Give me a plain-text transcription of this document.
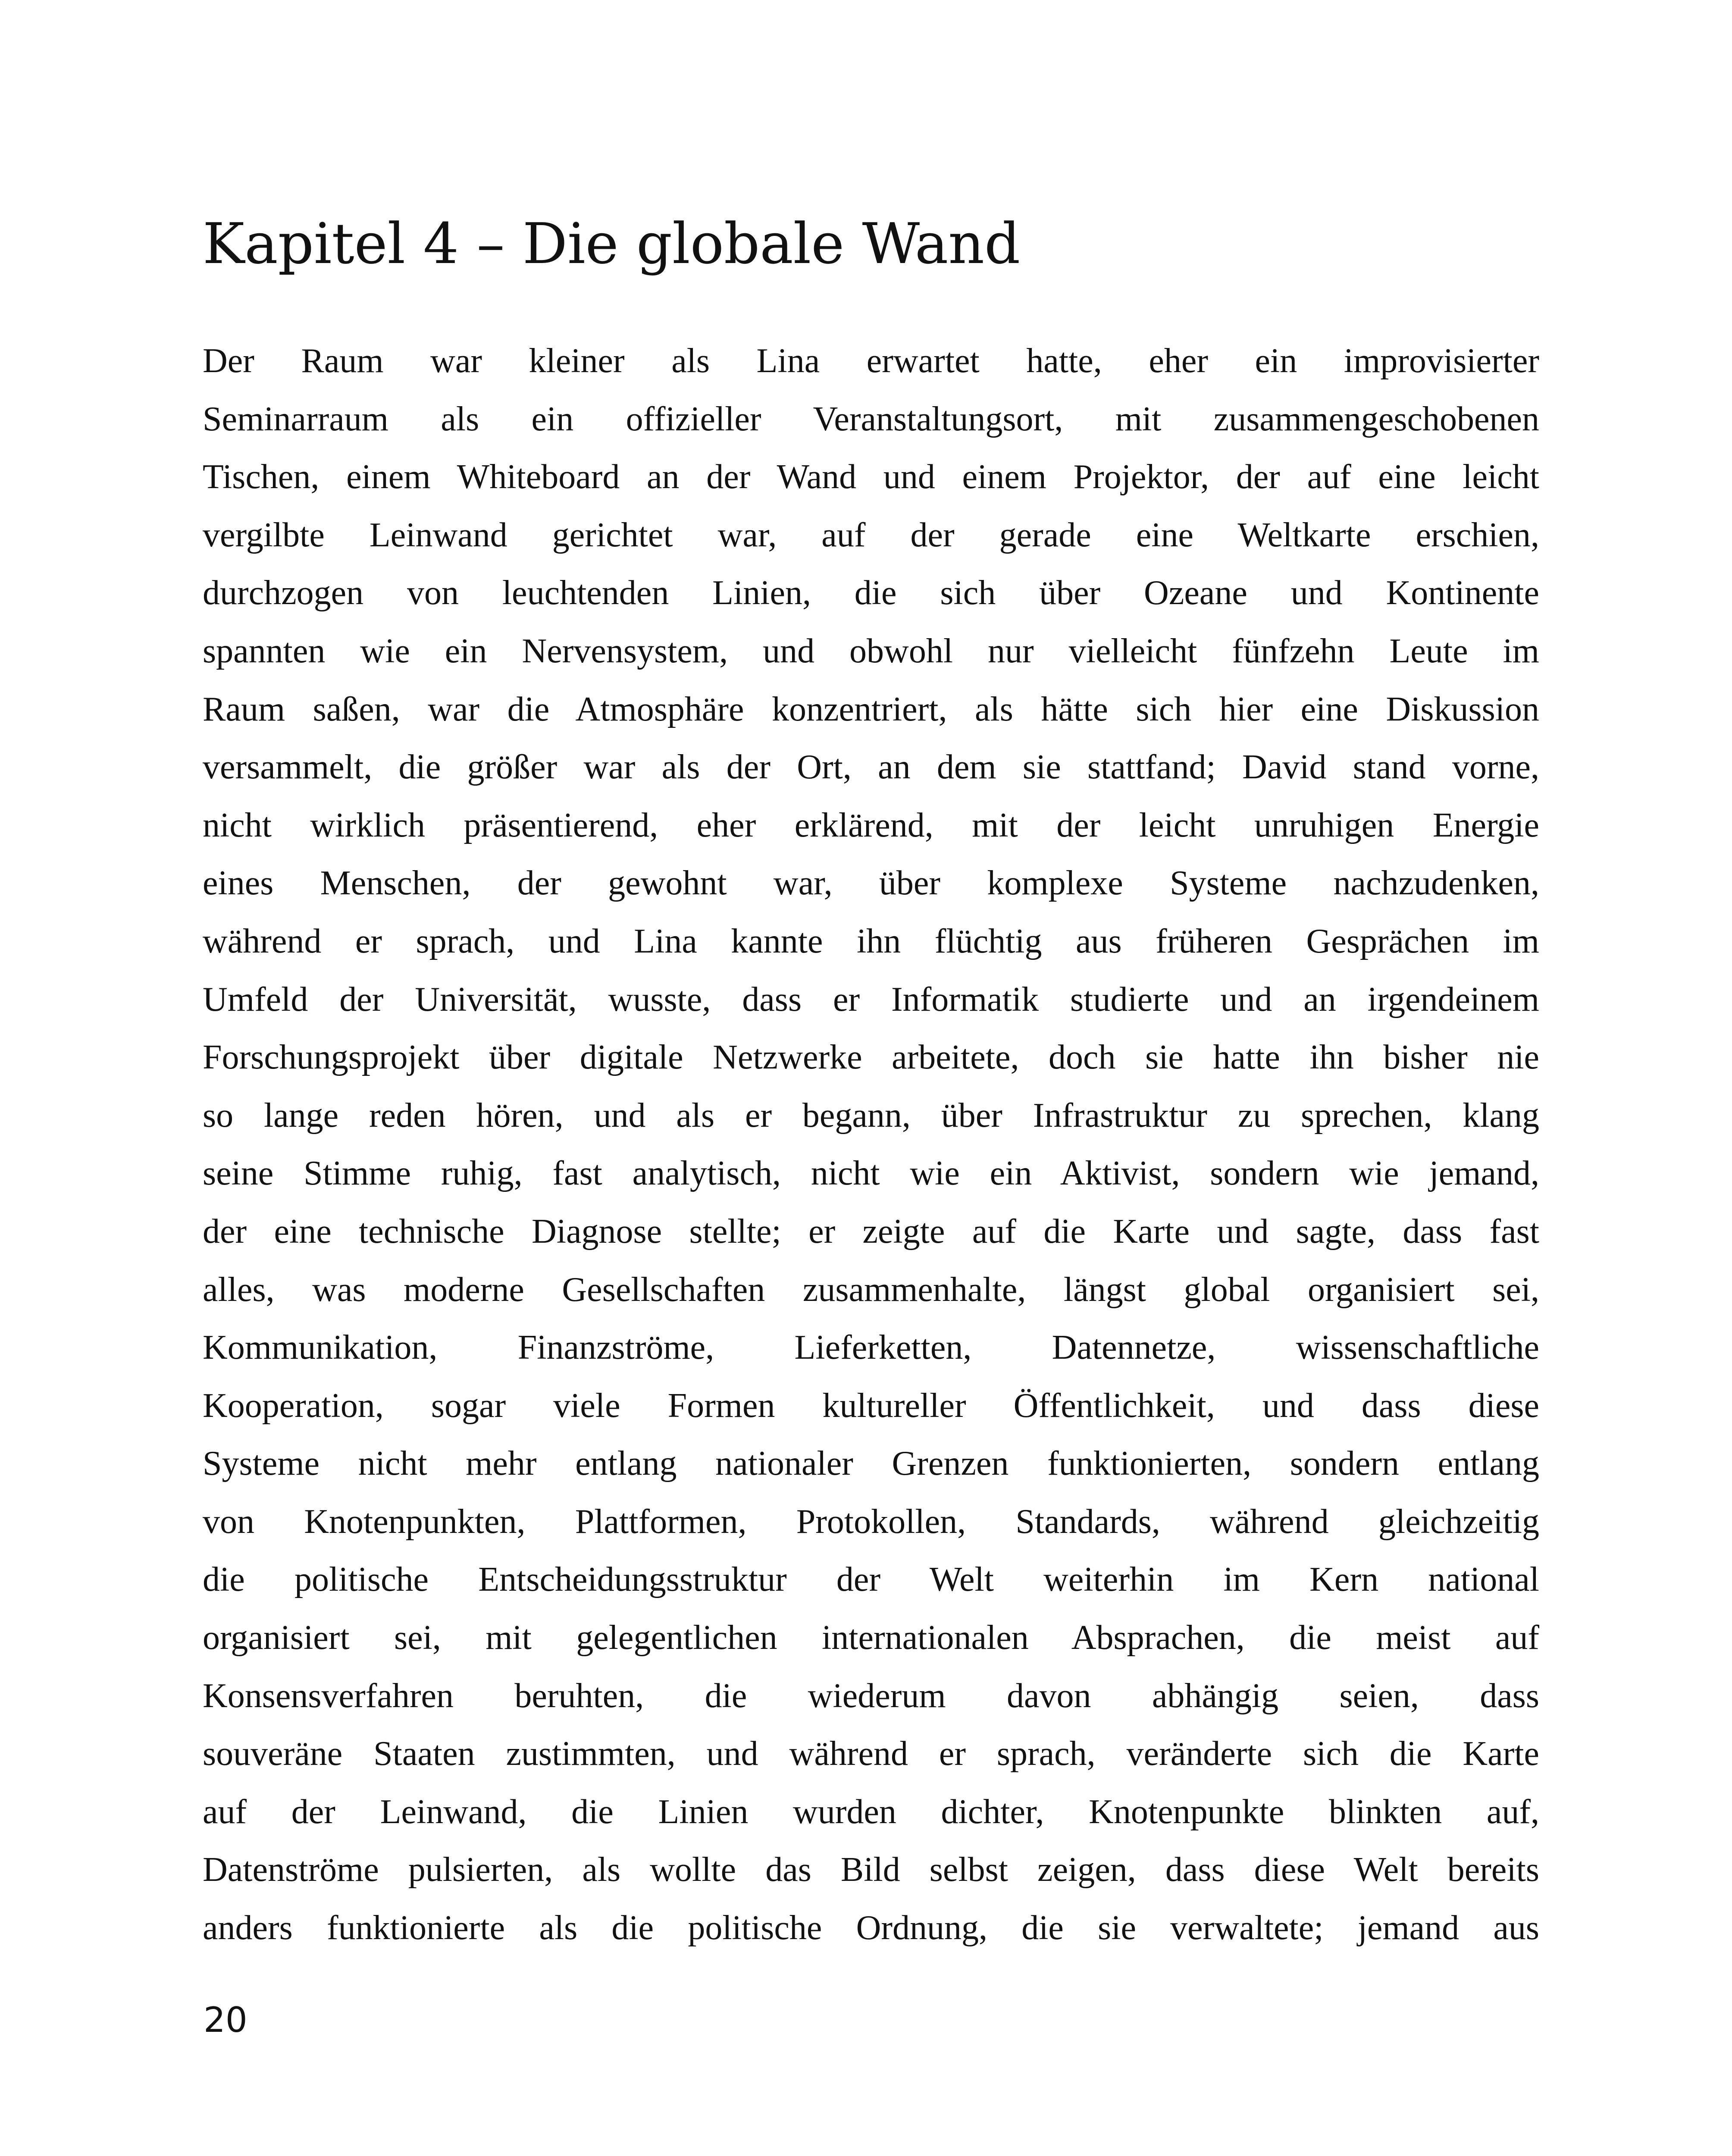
Kapitel 4 – Die globale Wand
Der Raum war kleiner als Lina erwartet hatte, eher ein improvisierter
Seminarraum als ein offizieller Veranstaltungsort, mit zusammengeschobenen
Tischen, einem Whiteboard an der Wand und einem Projektor, der auf eine leicht
vergilbte Leinwand gerichtet war, auf der gerade eine Weltkarte erschien,
durchzogen von leuchtenden Linien, die sich über Ozeane und Kontinente
spannten wie ein Nervensystem, und obwohl nur vielleicht fünfzehn Leute im
Raum saßen, war die Atmosphäre konzentriert, als hätte sich hier eine Diskussion
versammelt, die größer war als der Ort, an dem sie stattfand; David stand vorne,
nicht wirklich präsentierend, eher erklärend, mit der leicht unruhigen Energie
eines Menschen, der gewohnt war, über komplexe Systeme nachzudenken,
während er sprach, und Lina kannte ihn flüchtig aus früheren Gesprächen im
Umfeld der Universität, wusste, dass er Informatik studierte und an irgendeinem
Forschungsprojekt über digitale Netzwerke arbeitete, doch sie hatte ihn bisher nie
so lange reden hören, und als er begann, über Infrastruktur zu sprechen, klang
seine Stimme ruhig, fast analytisch, nicht wie ein Aktivist, sondern wie jemand,
der eine technische Diagnose stellte; er zeigte auf die Karte und sagte, dass fast
alles, was moderne Gesellschaften zusammenhalte, längst global organisiert sei,
Kommunikation, Finanzströme, Lieferketten, Datennetze, wissenschaftliche
Kooperation, sogar viele Formen kultureller Öffentlichkeit, und dass diese
Systeme nicht mehr entlang nationaler Grenzen funktionierten, sondern entlang
von Knotenpunkten, Plattformen, Protokollen, Standards, während gleichzeitig
die politische Entscheidungsstruktur der Welt weiterhin im Kern national
organisiert sei, mit gelegentlichen internationalen Absprachen, die meist auf
Konsensverfahren beruhten, die wiederum davon abhängig seien, dass
souveräne Staaten zustimmten, und während er sprach, veränderte sich die Karte
auf der Leinwand, die Linien wurden dichter, Knotenpunkte blinkten auf,
Datenströme pulsierten, als wollte das Bild selbst zeigen, dass diese Welt bereits
anders funktionierte als die politische Ordnung, die sie verwaltete; jemand aus
20
